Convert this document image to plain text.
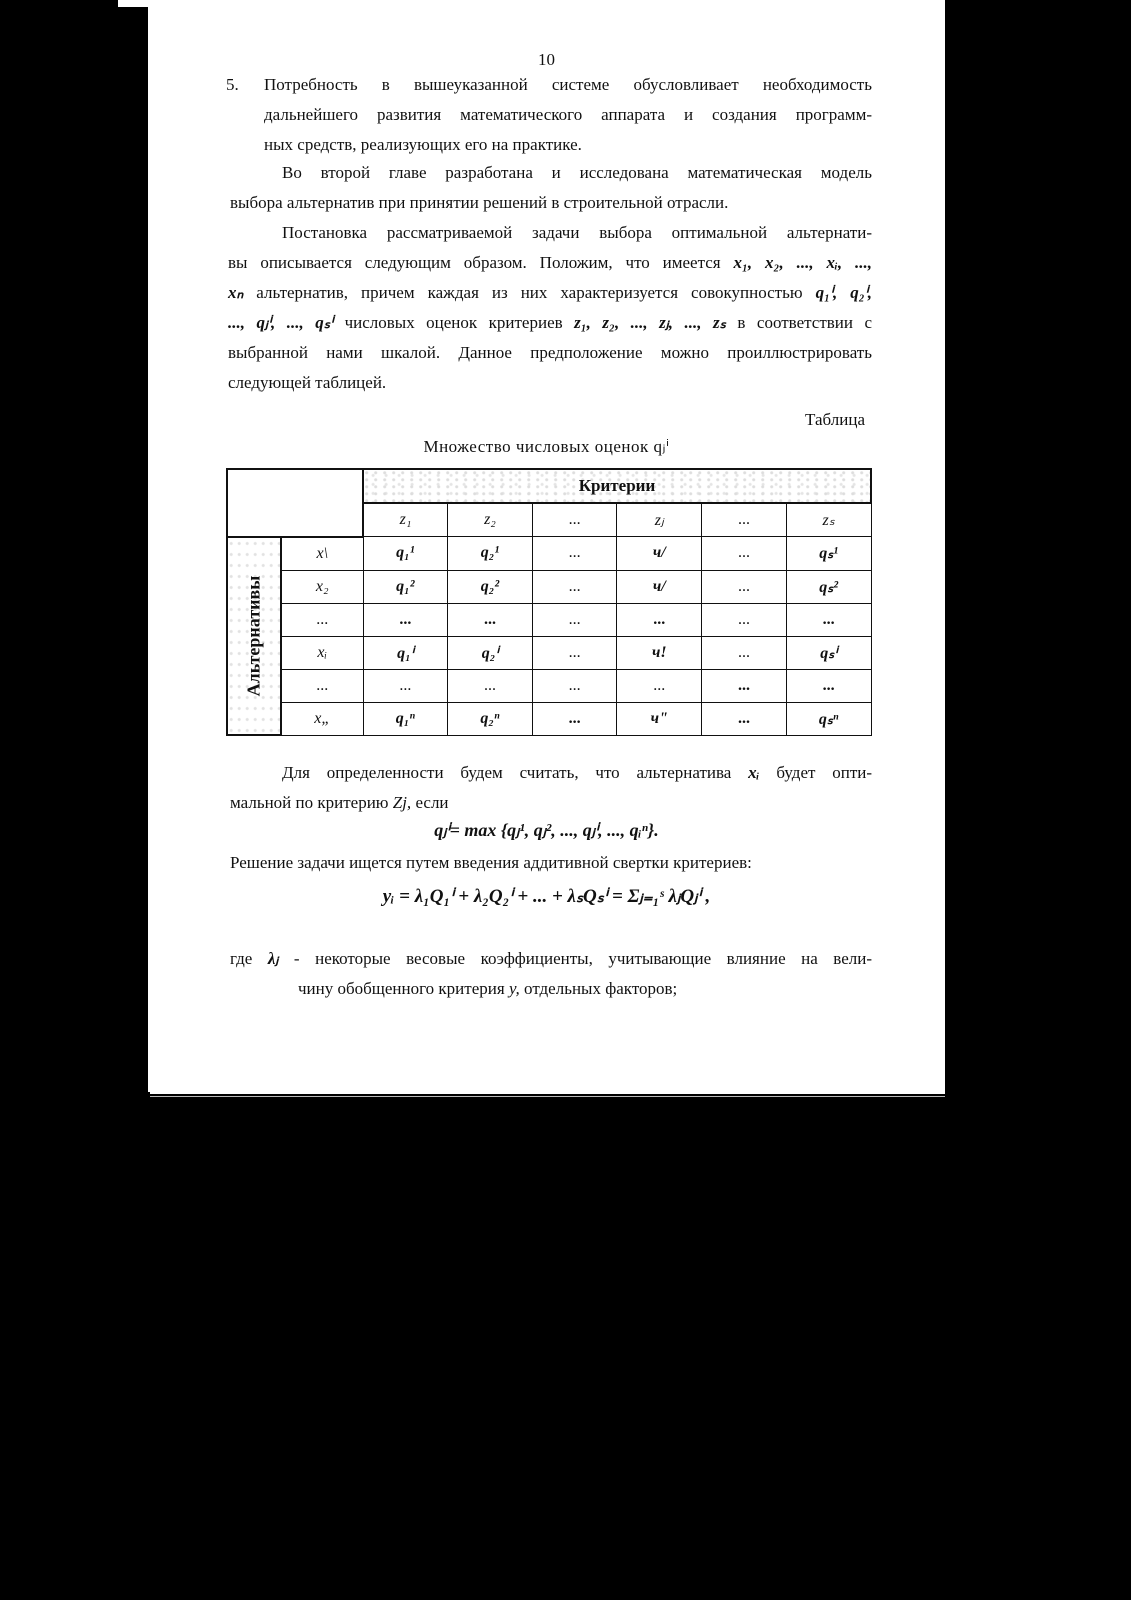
10
5. Потребность в вышеуказанной системе обусловливает необходимость
дальнейшего развития математического аппарата и создания программ-
ных средств, реализующих его на практике.

Во второй главе разработана и исследована математическая модель
выбора альтернатив при принятии решений в строительной отрасли.

Постановка рассматриваемой задачи выбора оптимальной альтернати-
вы описывается следующим образом. Положим, что имеется x₁, x₂, ..., xᵢ, ...,
xₙ альтернатив, причем каждая из них характеризуется совокупностью q₁ⁱ, q₂ⁱ,
..., qⱼⁱ, ..., qₛⁱ числовых оценок критериев z₁, z₂, ..., zⱼ, ..., zₛ в соответствии с
выбранной нами шкалой. Данное предположение можно проиллюстрировать
следующей таблицей.

Таблица
Множество числовых оценок qⱼⁱ
		Критерии					
		z₁	z₂	...	zⱼ	...	zₛ

Альтернативы	x\	q₁¹	q₂¹	...	ч/	...	qₛ¹
	x₂	q₁²	q₂²	...	ч/	...	qₛ²
	...	...	...	...	...	...	...
	xᵢ	q₁ⁱ	q₂ⁱ	...	ч!	...	qₛⁱ
	...	...	...	...	...	...	...
	x„	q₁ⁿ	q₂ⁿ	...	ч"	...	qₛⁿ

Для определенности будем считать, что альтернатива xᵢ будет опти-
мальной по критерию Zj, если

qⱼⁱ= max {qⱼ¹, qⱼ², ..., qⱼⁱ, ..., qᵢⁿ}.

Решение задачи ищется путем введения аддитивной свертки критериев:

yᵢ = λ₁Q₁ⁱ + λ₂Q₂ⁱ + ... + λₛQₛⁱ = Σⱼ₌₁ˢ λⱼQⱼⁱ ,

где λⱼ - некоторые весовые коэффициенты, учитывающие влияние на вели-
чину обобщенного критерия y, отдельных факторов;
